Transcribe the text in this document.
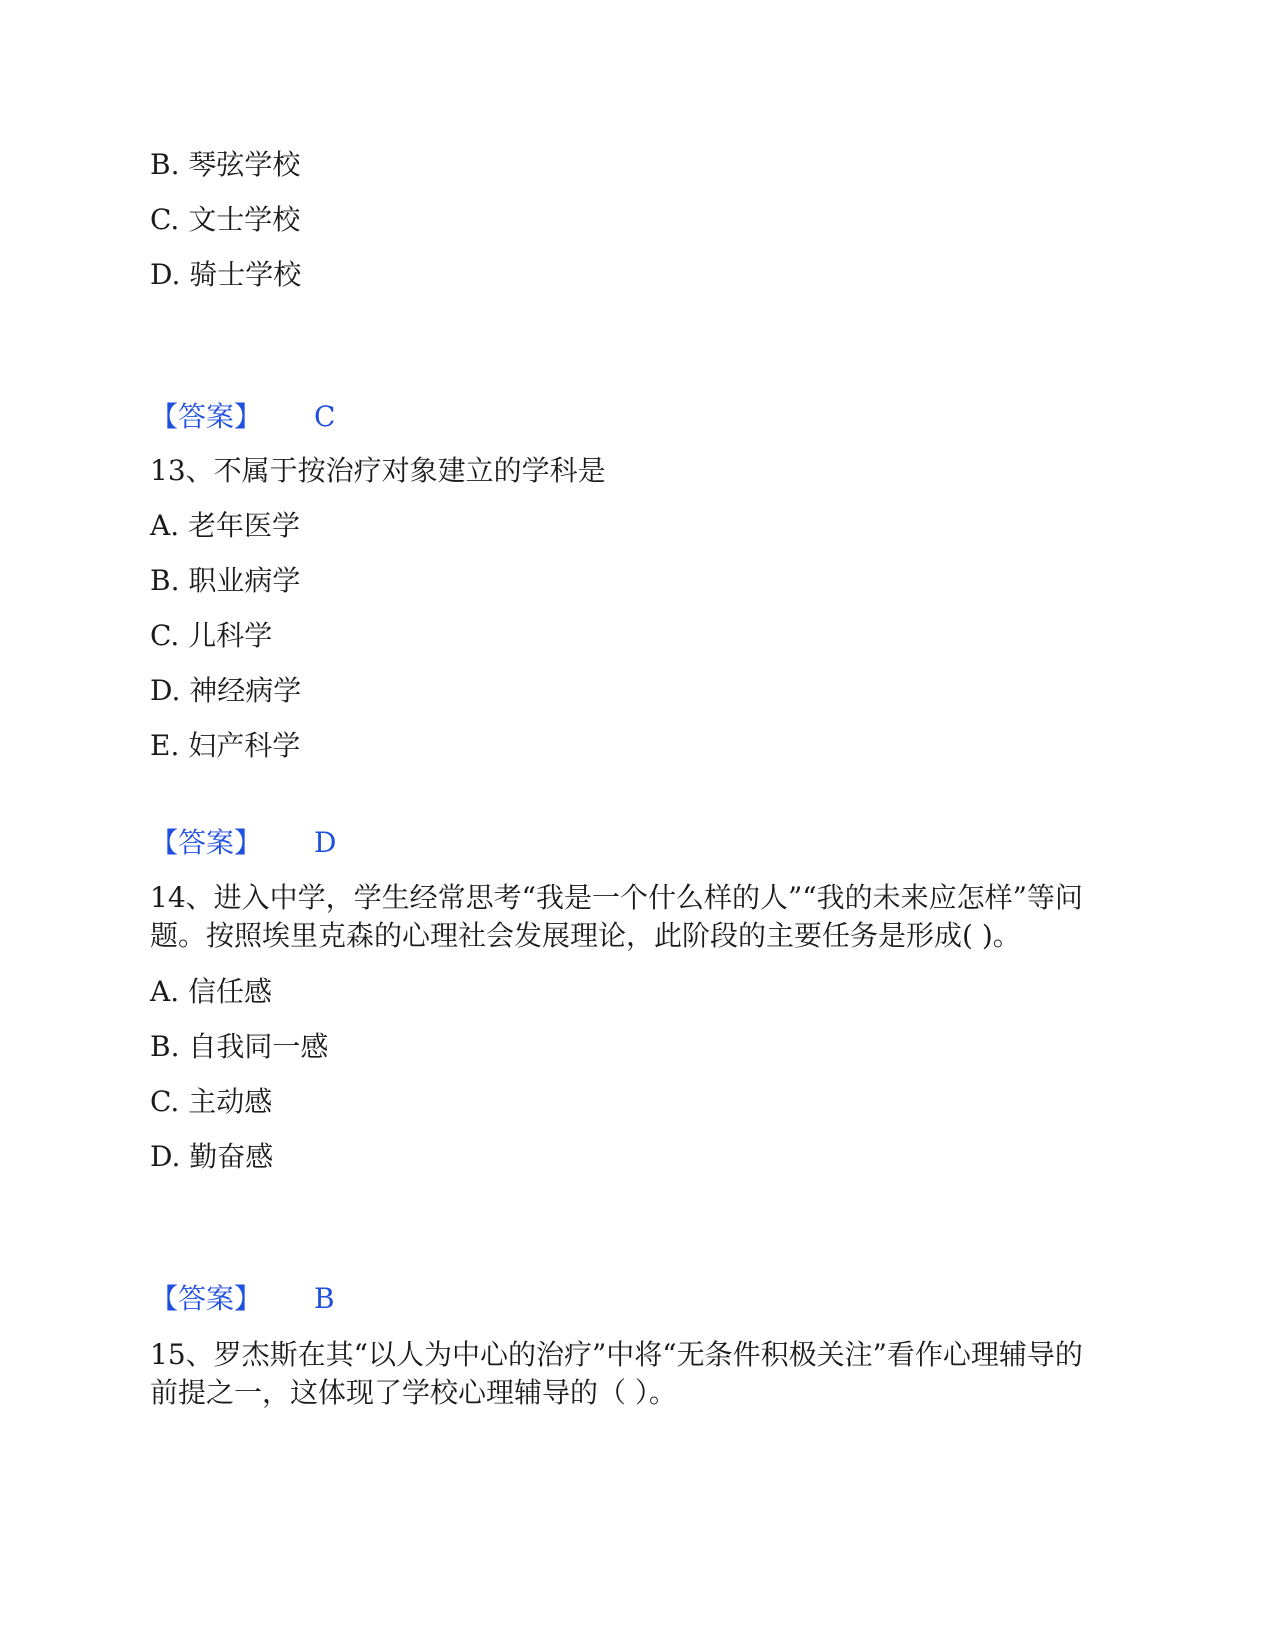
B. 琴弦学校
C. 文士学校
D. 骑士学校
【答案】 C
13、不属于按治疗对象建立的学科是
A. 老年医学
B. 职业病学
C. 儿科学
D. 神经病学
E. 妇产科学
【答案】 D
14、进入中学，学生经常思考“我是一个什么样的人”“我的未来应怎样”等问
题。按照埃里克森的心理社会发展理论，此阶段的主要任务是形成( )。
A. 信任感
B. 自我同一感
C. 主动感
D. 勤奋感
【答案】 B
15、罗杰斯在其“以人为中心的治疗”中将“无条件积极关注”看作心理辅导的
前提之一，这体现了学校心理辅导的（ ）。
